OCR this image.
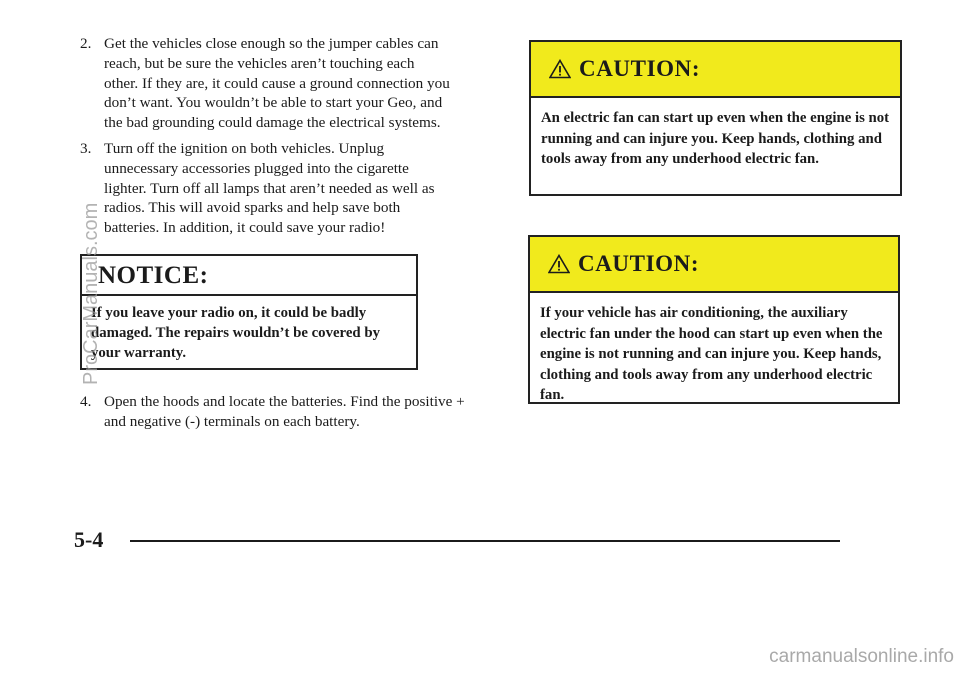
2. Get the vehicles close enough so the jumper cables can reach, but be sure the vehicles aren’t touching each other. If they are, it could cause a ground connection you don’t want. You wouldn’t be able to start your Geo, and the bad grounding could damage the electrical systems.
3. Turn off the ignition on both vehicles. Unplug unnecessary accessories plugged into the cigarette lighter. Turn off all lamps that aren’t needed as well as radios. This will avoid sparks and help save both batteries. In addition, it could save your radio!
CAUTION:
An electric fan can start up even when the engine is not running and can injure you. Keep hands, clothing and tools away from any underhood electric fan.
CAUTION:
If your vehicle has air conditioning, the auxiliary electric fan under the hood can start up even when the engine is not running and can injure you. Keep hands, clothing and tools away from any underhood electric fan.
NOTICE:
If you leave your radio on, it could be badly damaged. The repairs wouldn’t be covered by your warranty.
4. Open the hoods and locate the batteries. Find the positive + and negative (-) terminals on each battery.
5-4
ProCarManuals.com
carmanualsonline.info
